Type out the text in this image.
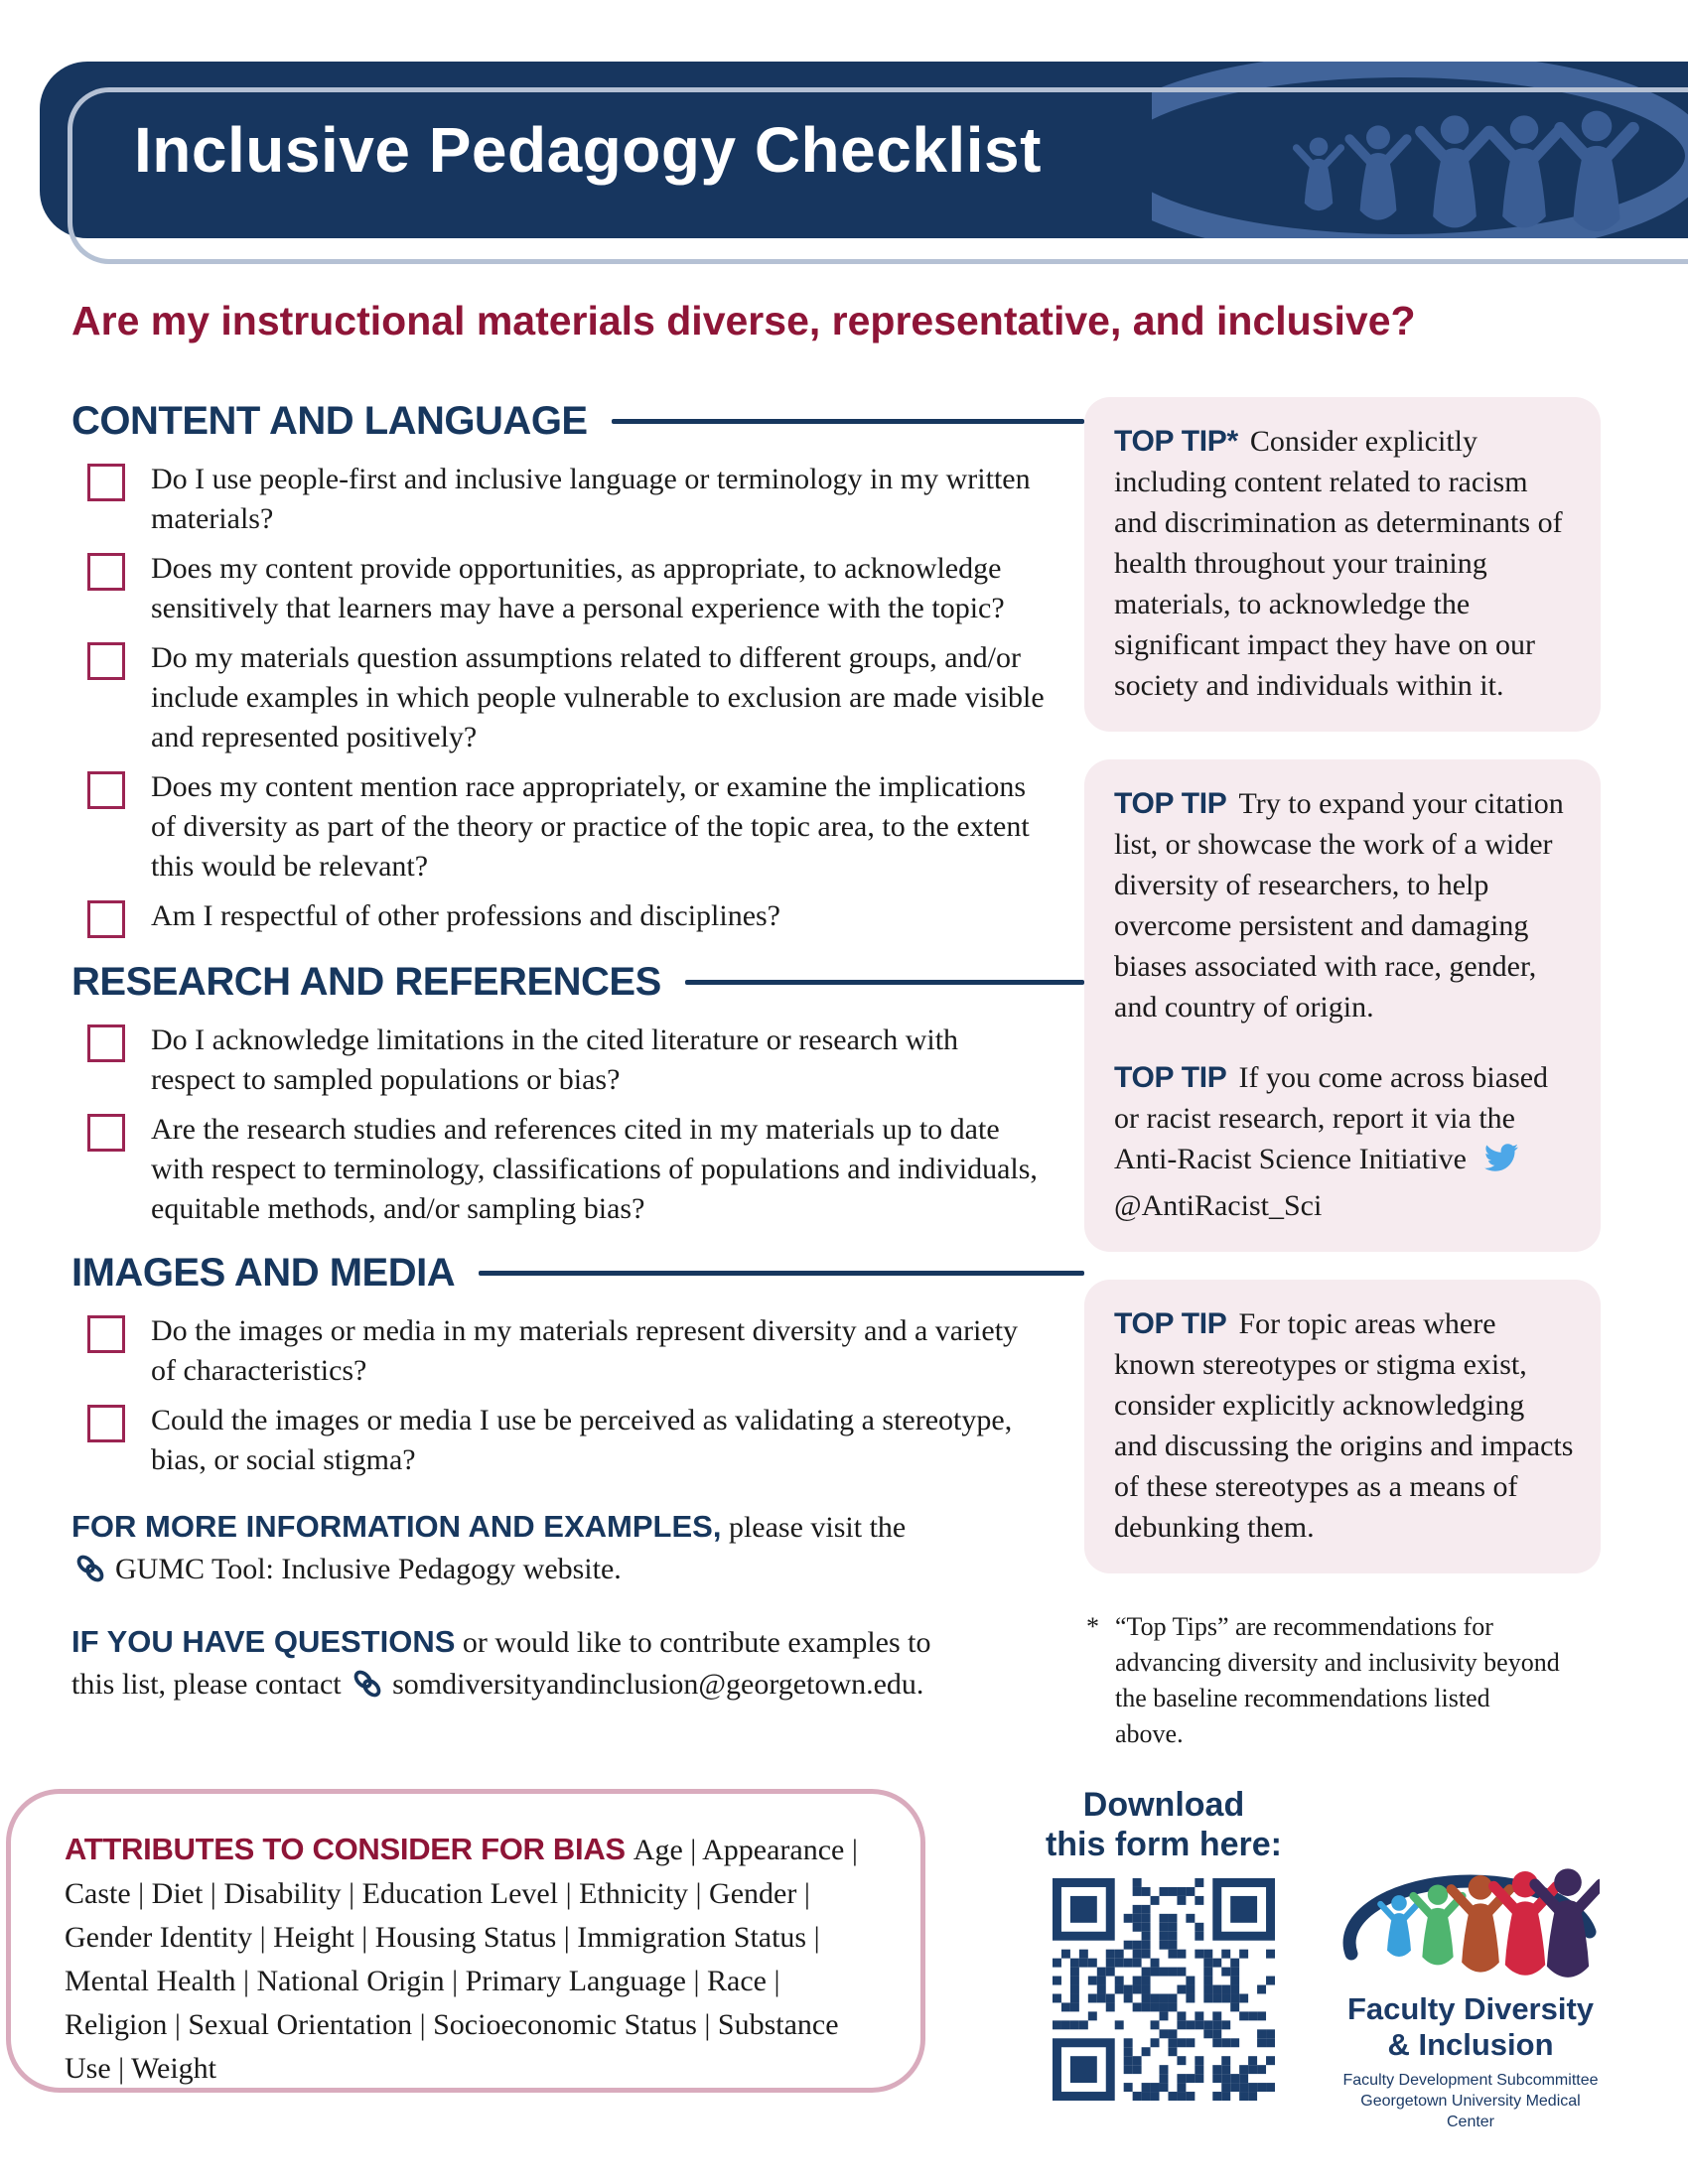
Inclusive Pedagogy Checklist
Are my instructional materials diverse, representative, and inclusive?
CONTENT AND LANGUAGE
Do I use people-first and inclusive language or terminology in my written materials?
Does my content provide opportunities, as appropriate, to acknowledge sensitively that learners may have a personal experience with the topic?
Do my materials question assumptions related to different groups, and/or include examples in which people vulnerable to exclusion are made visible and represented positively?
Does my content mention race appropriately, or examine the implications of diversity as part of the theory or practice of the topic area, to the extent this would be relevant?
Am I respectful of other professions and disciplines?
RESEARCH AND REFERENCES
Do I acknowledge limitations in the cited literature or research with respect to sampled populations or bias?
Are the research studies and references cited in my materials up to date with respect to terminology, classifications of populations and individuals, equitable methods, and/or sampling bias?
IMAGES AND MEDIA
Do the images or media in my materials represent diversity and a variety of characteristics?
Could the images or media I use be perceived as validating a stereotype, bias, or social stigma?
FOR MORE INFORMATION AND EXAMPLES, please visit the
GUMC Tool: Inclusive Pedagogy website.
IF YOU HAVE QUESTIONS or would like to contribute examples to
this list, please contact somdiversityandinclusion@georgetown.edu.

TOP TIP* Consider explicitly including content related to racism and discrimination as determinants of health throughout your training materials, to acknowledge the significant impact they have on our society and individuals within it.

TOP TIP Try to expand your citation list, or showcase the work of a wider diversity of researchers, to help overcome persistent and damaging biases associated with race, gender, and country of origin.

TOP TIP If you come across biased or racist research, report it via the Anti-Racist Science Initiative @AntiRacist_Sci

TOP TIP For topic areas where known stereotypes or stigma exist, consider explicitly acknowledging and discussing the origins and impacts of these stereotypes as a means of debunking them.

* “Top Tips” are recommendations for advancing diversity and inclusivity beyond the baseline recommendations listed above.

ATTRIBUTES TO CONSIDER FOR BIAS Age | Appearance | Caste | Diet | Disability | Education Level | Ethnicity | Gender | Gender Identity | Height | Housing Status | Immigration Status | Mental Health | National Origin | Primary Language | Race | Religion | Sexual Orientation | Socioeconomic Status | Substance Use | Weight

Download
this form here:
Faculty Diversity
& Inclusion
Faculty Development Subcommittee
Georgetown University Medical Center
